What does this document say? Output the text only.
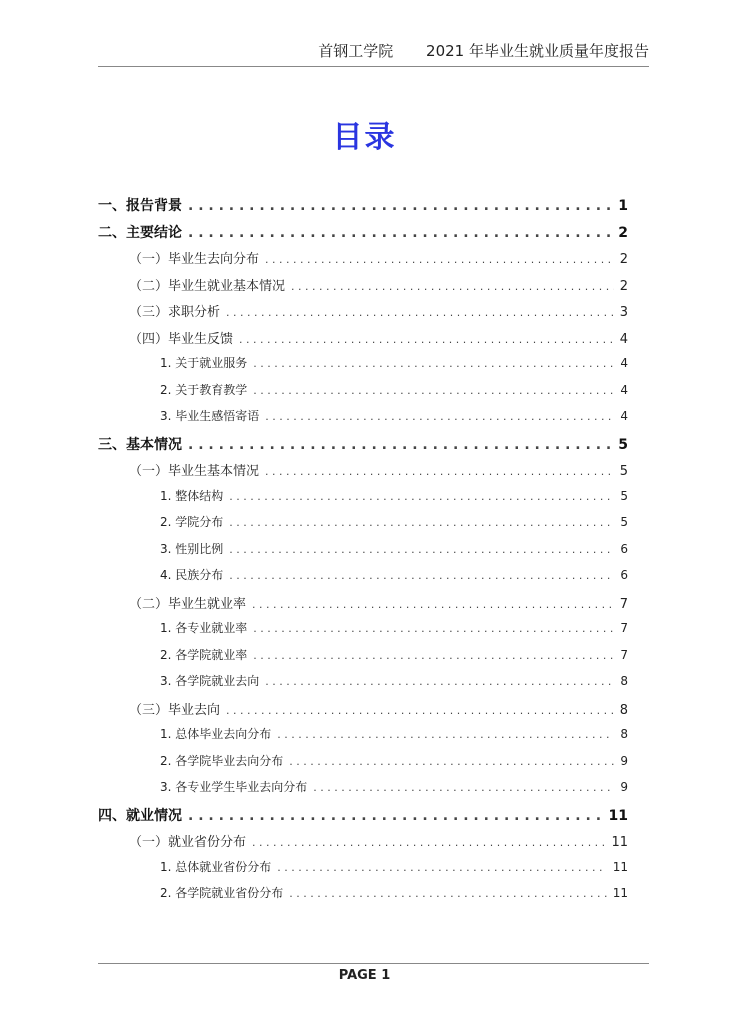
首钢工学院 2021 年毕业生就业质量年度报告
目录
一、报告背景 . . .	1
二、主要结论 . . .	2
（一）毕业生去向分布 . . .	2
（二）毕业生就业基本情况 . . .	2
（三）求职分析 . . .	3
（四）毕业生反馈 . . .	4
1. 关于就业服务 . . .	4
2. 关于教育教学 . . .	4
3. 毕业生感悟寄语 . . .	4
三、基本情况 . . .	5
（一）毕业生基本情况 . . .	5
1. 整体结构 . . .	5
2. 学院分布 . . .	5
3. 性别比例 . . .	6
4. 民族分布 . . .	6
（二）毕业生就业率 . . .	7
1. 各专业就业率 . . .	7
2. 各学院就业率 . . .	7
3. 各学院就业去向 . . .	8
（三）毕业去向 . . .	8
1. 总体毕业去向分布 . . .	8
2. 各学院毕业去向分布 . . .	9
3. 各专业学生毕业去向分布 . . .	9
四、就业情况 . . .	11
（一）就业省份分布 . . .	11
1. 总体就业省份分布 . . .	11
2. 各学院就业省份分布 . . .	11
PAGE 1
